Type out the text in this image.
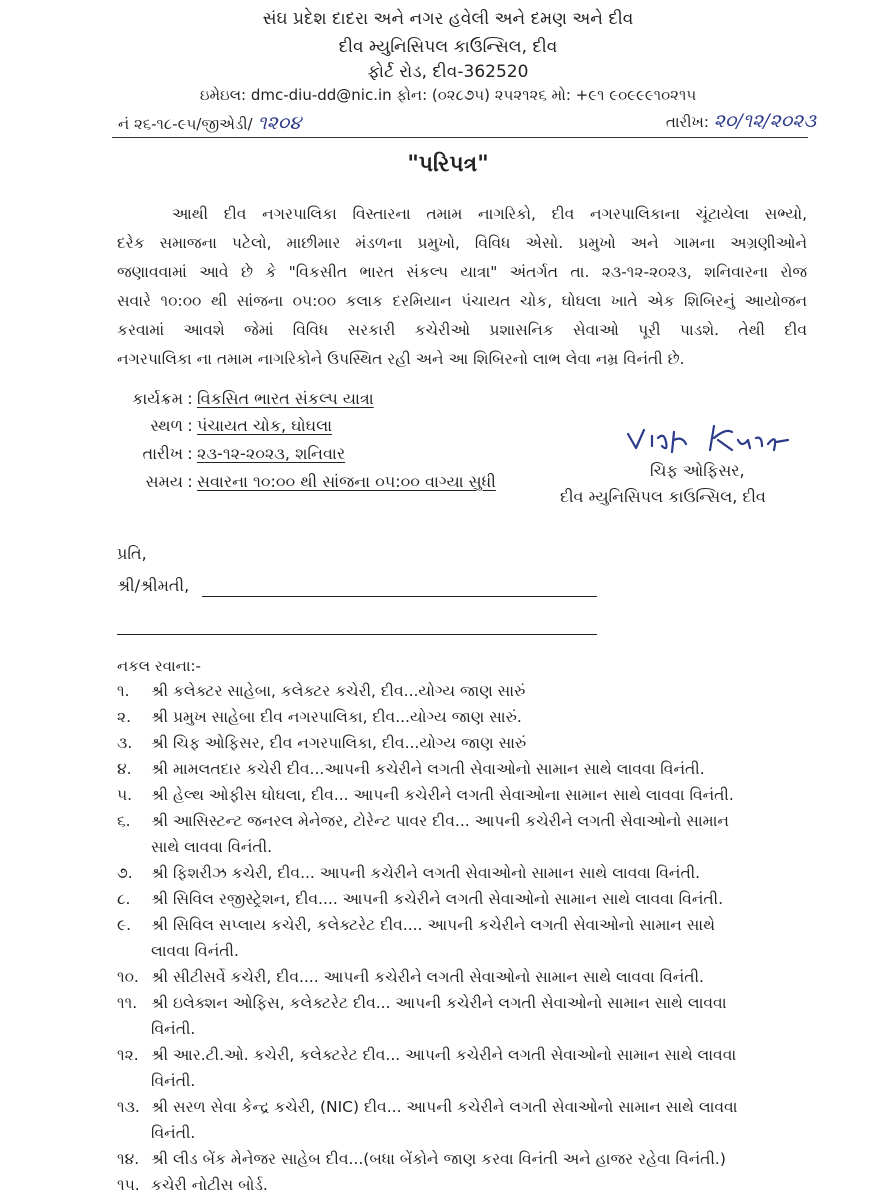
સંઘ પ્રદેશ દાદરા અને નગર હવેલી અને દમણ અને દીવ
દીવ મ્યુનિસિપલ કાઉન્સિલ, દીવ
ફોર્ટ રોડ, દીવ-362520
ઇમેઇલ: dmc-diu-dd@nic.in ફોન: (૦૨૮૭૫) ૨૫૨૧૨૬ મો: +૯૧ ૯૦૯૯૯૧૦૨૧૫
નં ૨૬-૧૮-૯૫/જીએડી/ ૧૨૦૪	તારીખ: ૨૦/૧૨/૨૦૨૩
"પરિપત્ર"
આથી દીવ નગરપાલિકા વિસ્તારના તમામ નાગરિકો, દીવ નગરપાલિકાના ચૂંટાયેલા સભ્યો,
દરેક સમાજના પટેલો, માછીમાર મંડળના પ્રમુખો, વિવિધ એસો. પ્રમુખો અને ગામના અગ્રણીઓને
જણાવવામાં આવે છે કે "વિકસીત ભારત સંકલ્પ યાત્રા" અંતર્ગત તા. ૨૩-૧૨-૨૦૨૩, શનિવારના રોજ
સવારે ૧૦:૦૦ થી સાંજના ૦૫:૦૦ કલાક દરમિયાન પંચાયત ચોક, ઘોઘલા ખાતે એક શિબિરનું આયોજન
કરવામાં આવશે જેમાં વિવિધ સરકારી કચેરીઓ પ્રશાસનિક સેવાઓ પૂરી પાડશે. તેથી દીવ
નગરપાલિકા ના તમામ નાગરિકોને ઉપસ્થિત રહી અને આ શિબિરનો લાભ લેવા નમ્ર વિનંતી છે.
કાર્યક્રમ : વિકસિત ભારત સંકલ્પ યાત્રા
સ્થળ : પંચાયત ચોક, ઘોઘલા
તારીખ : ૨૩-૧૨-૨૦૨૩, શનિવાર
સમય : સવારના ૧૦:૦૦ થી સાંજના ૦૫:૦૦ વાગ્યા સુધી
ચિફ ઓફિસર,
દીવ મ્યુનિસિપલ કાઉન્સિલ, દીવ
પ્રતિ,
શ્રી/શ્રીમતી,
નકલ રવાના:-
૧.	શ્રી કલેક્ટર સાહેબા, કલેક્ટર કચેરી, દીવ...યોગ્ય જાણ સારું
૨.	શ્રી પ્રમુખ સાહેબા દીવ નગરપાલિકા, દીવ...યોગ્ય જાણ સારું.
૩.	શ્રી ચિફ ઓફિસર, દીવ નગરપાલિકા, દીવ...યોગ્ય જાણ સારું
૪.	શ્રી મામલતદાર કચેરી દીવ...આપની કચેરીને લગતી સેવાઓનો સામાન સાથે લાવવા વિનંતી.
૫.	શ્રી હેલ્થ ઓફીસ ઘોઘલા, દીવ... આપની કચેરીને લગતી સેવાઓના સામાન સાથે લાવવા વિનંતી.
૬.	શ્રી આસિસ્ટન્ટ જનરલ મેનેજર, ટોરેન્ટ પાવર દીવ... આપની કચેરીને લગતી સેવાઓનો સામાન
સાથે લાવવા વિનંતી.
૭.	શ્રી ફિશરીઝ કચેરી, દીવ... આપની કચેરીને લગતી સેવાઓનો સામાન સાથે લાવવા વિનંતી.
૮.	શ્રી સિવિલ રજીસ્ટ્રેશન, દીવ.... આપની કચેરીને લગતી સેવાઓનો સામાન સાથે લાવવા વિનંતી.
૯.	શ્રી સિવિલ સપ્લાય કચેરી, કલેક્ટરેટ દીવ.... આપની કચેરીને લગતી સેવાઓનો સામાન સાથે
લાવવા વિનંતી.
૧૦. શ્રી સીટીસર્વે કચેરી, દીવ.... આપની કચેરીને લગતી સેવાઓનો સામાન સાથે લાવવા વિનંતી.
૧૧. શ્રી ઇલેક્શન ઓફિસ, કલેક્ટરેટ દીવ... આપની કચેરીને લગતી સેવાઓનો સામાન સાથે લાવવા
વિનંતી.
૧૨. શ્રી આર.ટી.ઓ. કચેરી, કલેક્ટરેટ દીવ... આપની કચેરીને લગતી સેવાઓનો સામાન સાથે લાવવા
વિનંતી.
૧૩. શ્રી સરળ સેવા કેન્દ્ર કચેરી, (NIC) દીવ... આપની કચેરીને લગતી સેવાઓનો સામાન સાથે લાવવા
વિનંતી.
૧૪. શ્રી લીડ બેંક મેનેજર સાહેબ દીવ...(બધા બેંકોને જાણ કરવા વિનંતી અને હાજર રહેવા વિનંતી.)
૧૫. કચેરી નોટીસ બોર્ડ.
